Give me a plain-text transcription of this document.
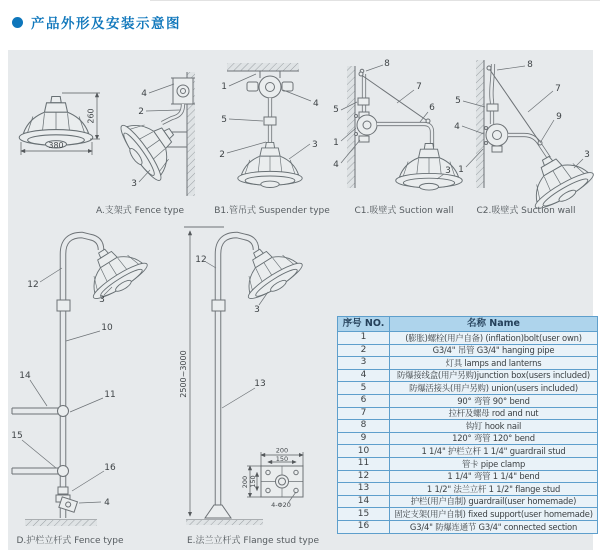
产品外形及安装示意图
380
260
4
2
3
A.支架式 Fence type
1
4
5
2
3
B1.管吊式 Suspender type
8
7
6
5
1
4
3
C1.吸壁式 Suction wall
8
7
5
4
9
1
3
C2.吸壁式 Suction wall
12
3
10
14
11
15
16
4
D.护栏立杆式 Fence type
2500~3000
12
3
13
200
150
200 150
4-Φ20
E.法兰立杆式 Flange stud type
序号 NO.	名称 Name
1	(膨胀)螺栓(用户自备) (inflation)bolt(user own)
2	G3/4" 吊管 G3/4" hanging pipe
3	灯具 lamps and lanterns
4	防爆接线盒(用户另购)junction box(users included)
5	防爆活接头(用户另购) union(users included)
6	90° 弯管 90° bend
7	拉杆及螺母 rod and nut
8	钩钉 hook nail
9	120° 弯管 120° bend
10	1 1/4" 护栏立杆 1 1/4" guardrail stud
11	管卡 pipe clamp
12	1 1/4" 弯管 1 1/4" bend
13	1 1/2" 法兰立杆 1 1/2" flange stud
14	护栏(用户自制) guardrail(user homemade)
15	固定支架(用户自制) fixed support(user homemade)
16	G3/4" 防爆连通节 G3/4" connected section
